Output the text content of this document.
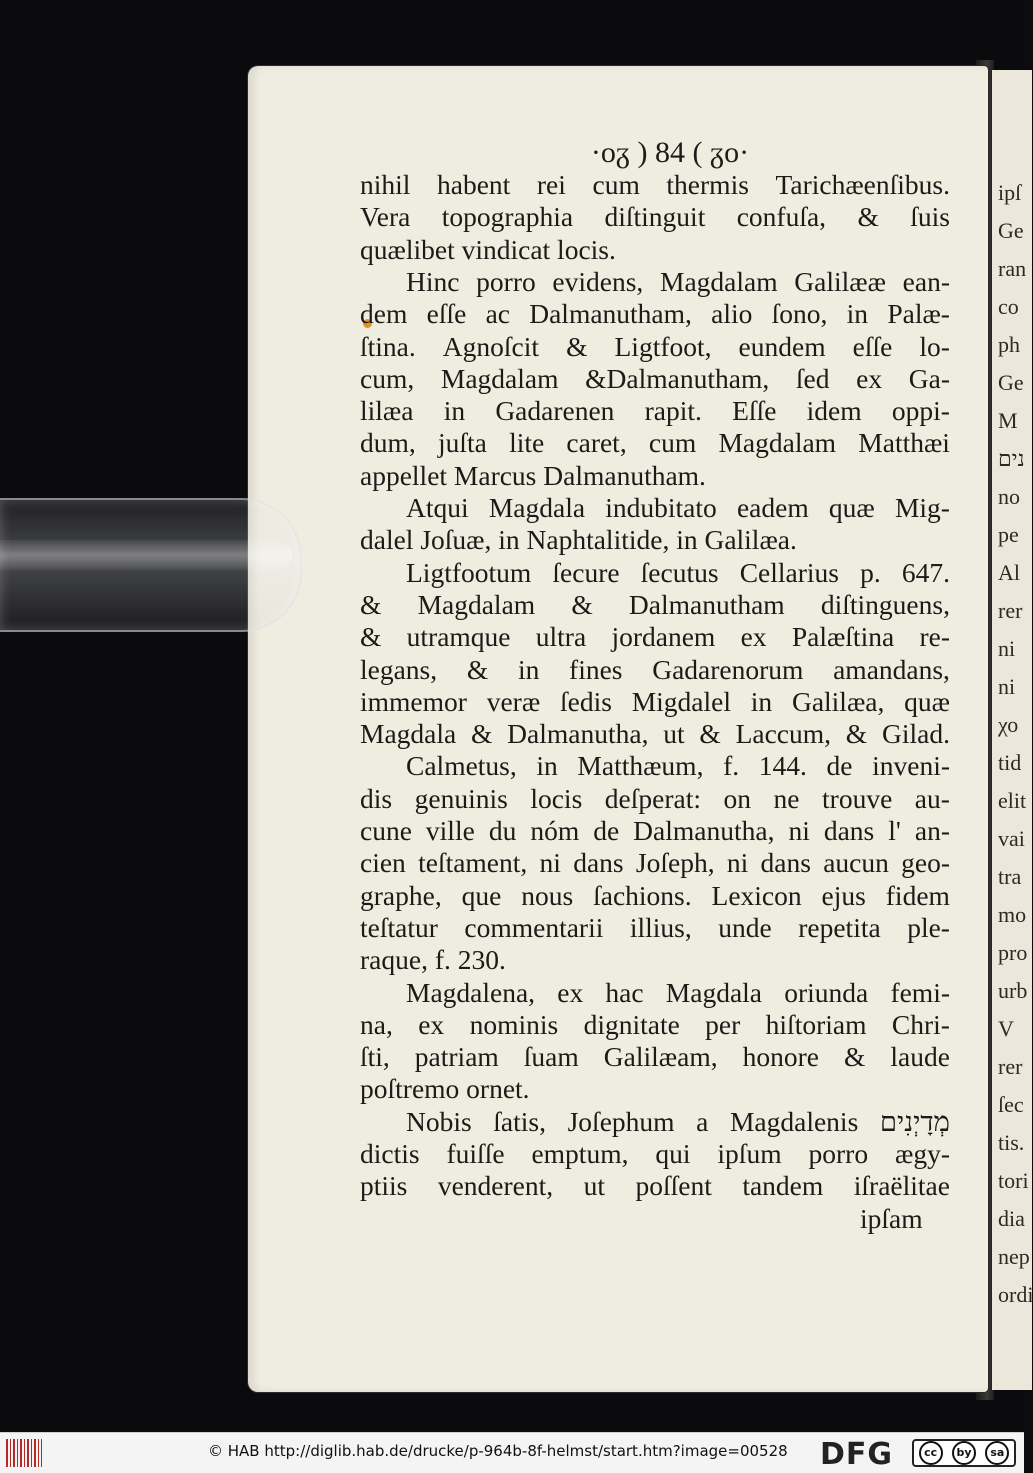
ipſ
Ge
ran
co
ph
Ge
M
נים
no
pe
Al
rer
ni
ni
χο
tid
elit
vai
tra
mo
pro
urb
V
rer
ſec
tis.
tori
dia
nep
ordi
·ᴏᵹ ) 84 ( ᵹᴏ·
nihil habent rei cum thermis Tarichæenſibus.
Vera topographia diſtinguit confuſa, & ſuis
quælibet vindicat locis.
Hinc porro evidens, Magdalam Galilææ ean-
dem eſſe ac Dalmanutham, alio ſono, in Palæ-
ſtina. Agnoſcit & Ligtfoot, eundem eſſe lo-
cum, Magdalam &Dalmanutham, ſed ex Ga-
lilæa in Gadarenen rapit. Eſſe idem oppi-
dum, juſta lite caret, cum Magdalam Matthæi
appellet Marcus Dalmanutham.
Atqui Magdala indubitato eadem quæ Mig-
dalel Joſuæ, in Naphtalitide, in Galilæa.
Ligtfootum ſecure ſecutus Cellarius p. 647.
& Magdalam & Dalmanutham diſtinguens,
& utramque ultra jordanem ex Palæſtina re-
legans, & in fines Gadarenorum amandans,
immemor veræ ſedis Migdalel in Galilæa, quæ
Magdala & Dalmanutha, ut & Laccum, & Gilad.
Calmetus, in Matthæum, f. 144. de inveni-
dis genuinis locis deſperat: on ne trouve au-
cune ville du nóm de Dalmanutha, ni dans l' an-
cien teſtament, ni dans Joſeph, ni dans aucun geo-
graphe, que nous ſachions. Lexicon ejus fidem
teſtatur commentarii illius, unde repetita ple-
raque, f. 230.
Magdalena, ex hac Magdala oriunda femi-
na, ex nominis dignitate per hiſtoriam Chri-
ſti, patriam ſuam Galilæam, honore & laude
poſtremo ornet.
Nobis ſatis, Joſephum a Magdalenis מְדָיְנִים
dictis fuiſſe emptum, qui ipſum porro ægy-
ptiis venderent, ut poſſent tandem iſraëlitae
ipſam
© HAB http://diglib.hab.de/drucke/p-964b-8f-helmst/start.htm?image=00528 DFG	cc	by	sa
